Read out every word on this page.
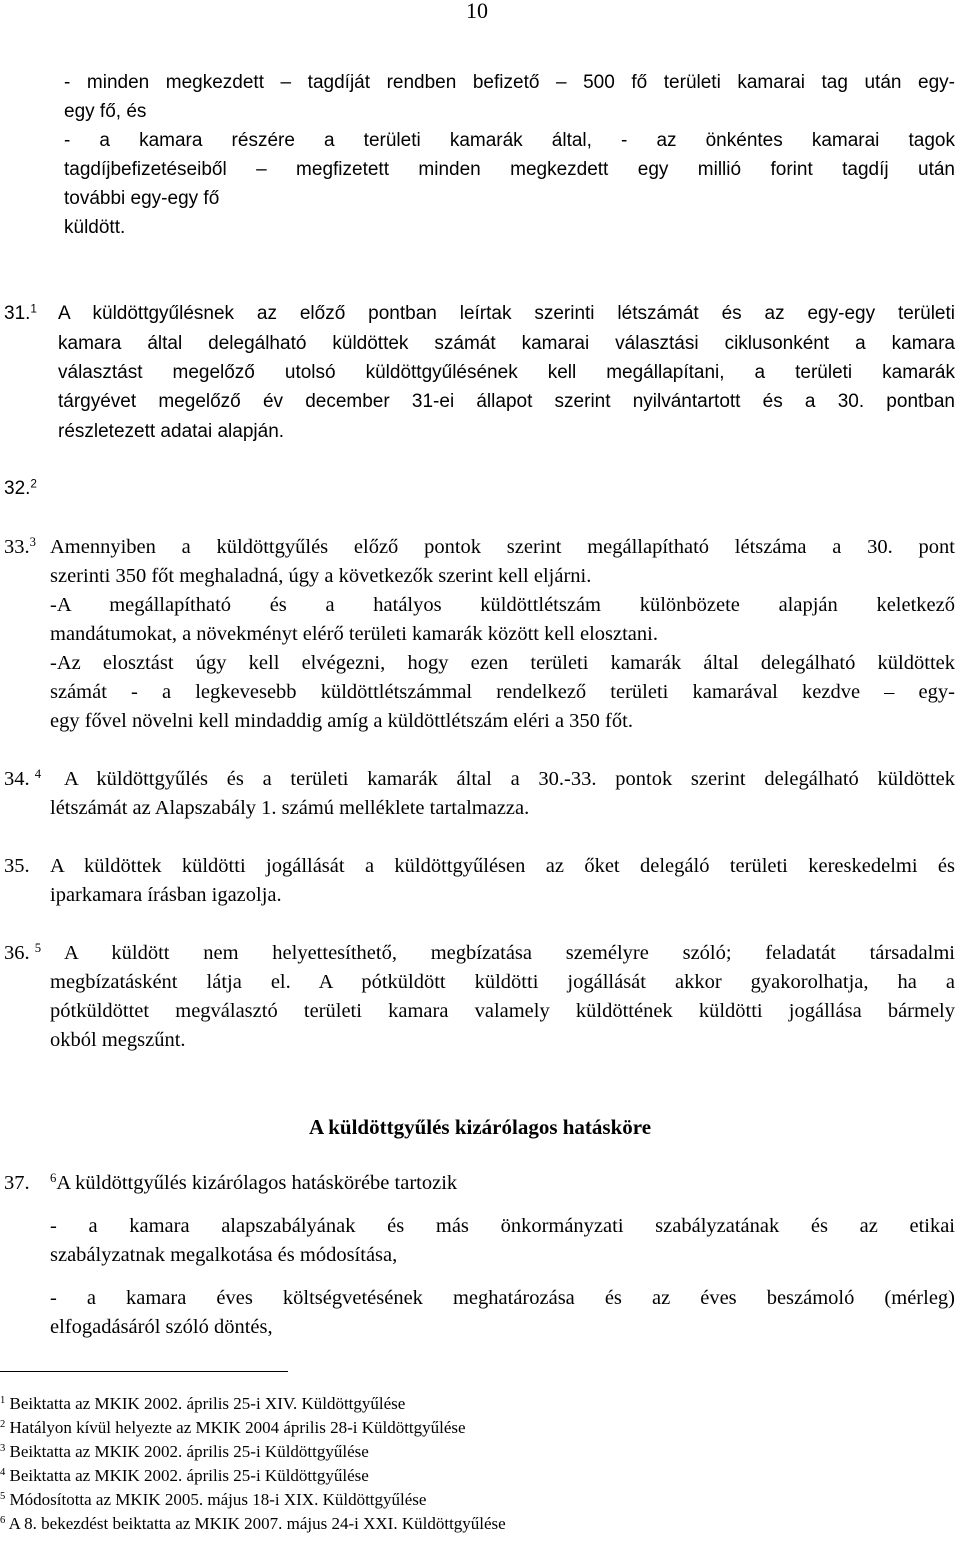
10
- minden megkezdett – tagdíját rendben befizető – 500 fő területi kamarai tag után egy-
egy fő, és
- a kamara részére a területi kamarák által, - az önkéntes kamarai tagok
tagdíjbefizetéseiből – megfizetett minden megkezdett egy millió forint tagdíj után
további egy-egy fő
küldött.
31.$^1$ A küldöttgyűlésnek az előző pontban leírtak szerinti létszámát és az egy-egy területi
kamara által delegálható küldöttek számát kamarai választási ciklusonként a kamara
választást megelőző utolsó küldöttgyűlésének kell megállapítani, a területi kamarák
tárgyévet megelőző év december 31-ei állapot szerint nyilvántartott és a 30. pontban
részletezett adatai alapján.
32.$^2$
33.$^3$ Amennyiben a küldöttgyűlés előző pontok szerint megállapítható létszáma a 30. pont
szerinti 350 főt meghaladná, úgy a következők szerint kell eljárni.
-A megállapítható és a hatályos küldöttlétszám különbözete alapján keletkező
mandátumokat, a növekményt elérő területi kamarák között kell elosztani.
-Az elosztást úgy kell elvégezni, hogy ezen területi kamarák által delegálható küldöttek
számát - a legkevesebb küldöttlétszámmal rendelkező területi kamarával kezdve – egy-
egy fővel növelni kell mindaddig amíg a küldöttlétszám eléri a 350 főt.
34. $^4$ A küldöttgyűlés és a területi kamarák által a 30.-33. pontok szerint delegálható küldöttek
létszámát az Alapszabály 1. számú melléklete tartalmazza.
35. A küldöttek küldötti jogállását a küldöttgyűlésen az őket delegáló területi kereskedelmi és
iparkamara írásban igazolja.
36. $^5$ A küldött nem helyettesíthető, megbízatása személyre szóló; feladatát társadalmi
megbízatásként látja el. A pótküldött küldötti jogállását akkor gyakorolhatja, ha a
pótküldöttet megválasztó területi kamara valamely küldöttének küldötti jogállása bármely
okból megszűnt.
A küldöttgyűlés kizárólagos hatásköre
37. $^6$A küldöttgyűlés kizárólagos hatáskörébe tartozik
- a kamara alapszabályának és más önkormányzati szabályzatának és az etikai
szabályzatnak megalkotása és módosítása,
- a kamara éves költségvetésének meghatározása és az éves beszámoló (mérleg)
elfogadásáról szóló döntés,
$^1$ Beiktatta az MKIK 2002. április 25-i XIV. Küldöttgyűlése
$^2$ Hatályon kívül helyezte az MKIK 2004 április 28-i Küldöttgyűlése
$^3$ Beiktatta az MKIK 2002. április 25-i Küldöttgyűlése
$^4$ Beiktatta az MKIK 2002. április 25-i Küldöttgyűlése
$^5$ Módosította az MKIK 2005. május 18-i XIX. Küldöttgyűlése
$^6$ A 8. bekezdést beiktatta az MKIK 2007. május 24-i XXI. Küldöttgyűlése
